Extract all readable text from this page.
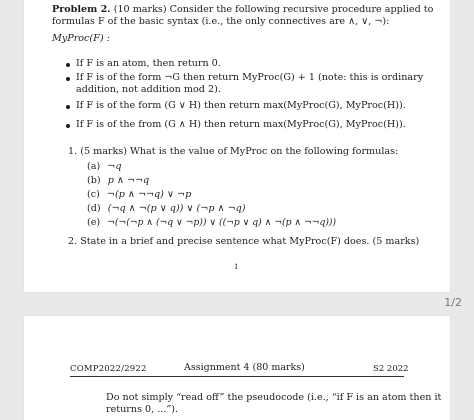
Problem 2. (10 marks) Consider the following recursive procedure applied to
formulas F of the basic syntax (i.e., the only connectives are ∧, ∨, ¬):
MyProc(F) :
If F is an atom, then return 0.
If F is of the form ¬G then return MyProc(G) + 1 (note: this is ordinary
addition, not addition mod 2).
If F is of the form (G ∨ H) then return max(MyProc(G), MyProc(H)).
If F is of the from (G ∧ H) then return max(MyProc(G), MyProc(H)).
1. (5 marks) What is the value of MyProc on the following formulas:
(a) ¬q
(b) p ∧ ¬¬q
(c) ¬(p ∧ ¬¬q) ∨ ¬p
(d) (¬q ∧ ¬(p ∨ q)) ∨ (¬p ∧ ¬q)
(e) ¬(¬(¬p ∧ (¬q ∨ ¬p)) ∨ ((¬p ∨ q) ∧ ¬(p ∧ ¬¬q)))
2. State in a brief and precise sentence what MyProc(F) does. (5 marks)
1
1/2
COMP2022/2922	Assignment 4 (80 marks)	S2 2022
Do not simply “read off” the pseudocode (i.e., “if F is an atom then it
returns 0, ...”).
